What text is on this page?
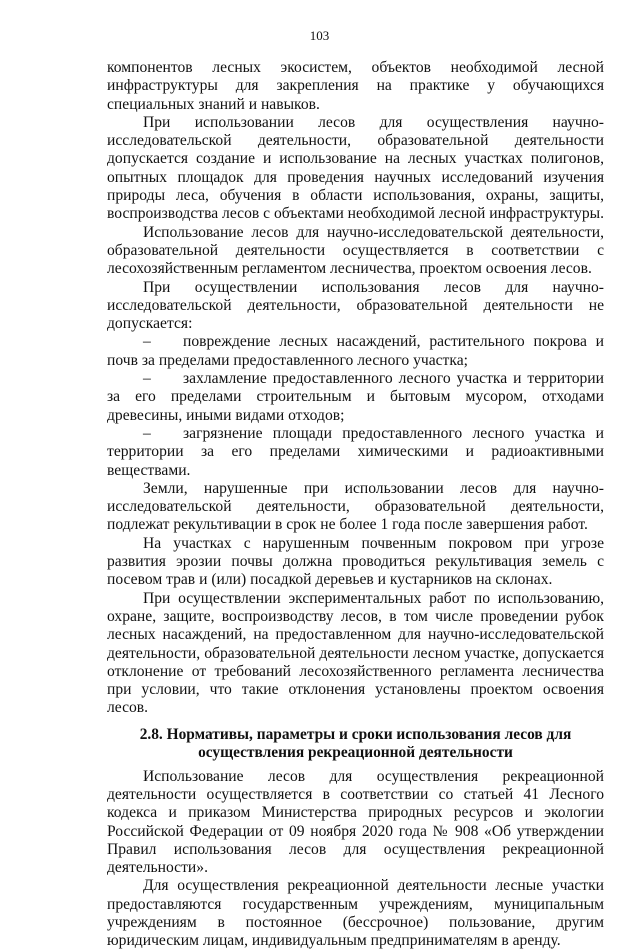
103

компонентов лесных экосистем, объектов необходимой лесной инфраструктуры для закрепления на практике у обучающихся специальных знаний и навыков.

При использовании лесов для осуществления научно-исследовательской деятельности, образовательной деятельности допускается создание и использование на лесных участках полигонов, опытных площадок для проведения научных исследований изучения природы леса, обучения в области использования, охраны, защиты, воспроизводства лесов с объектами необходимой лесной инфраструктуры.

Использование лесов для научно-исследовательской деятельности, образовательной деятельности осуществляется в соответствии с лесохозяйственным регламентом лесничества, проектом освоения лесов.

При осуществлении использования лесов для научно-исследовательской деятельности, образовательной деятельности не допускается:

– повреждение лесных насаждений, растительного покрова и почв за пределами предоставленного лесного участка;

– захламление предоставленного лесного участка и территории за его пределами строительным и бытовым мусором, отходами древесины, иными видами отходов;

– загрязнение площади предоставленного лесного участка и территории за его пределами химическими и радиоактивными веществами.

Земли, нарушенные при использовании лесов для научно-исследовательской деятельности, образовательной деятельности, подлежат рекультивации в срок не более 1 года после завершения работ.

На участках с нарушенным почвенным покровом при угрозе развития эрозии почвы должна проводиться рекультивация земель с посевом трав и (или) посадкой деревьев и кустарников на склонах.

При осуществлении экспериментальных работ по использованию, охране, защите, воспроизводству лесов, в том числе проведении рубок лесных насаждений, на предоставленном для научно-исследовательской деятельности, образовательной деятельности лесном участке, допускается отклонение от требований лесохозяйственного регламента лесничества при условии, что такие отклонения установлены проектом освоения лесов.

2.8. Нормативы, параметры и сроки использования лесов для
осуществления рекреационной деятельности

Использование лесов для осуществления рекреационной деятельности осуществляется в соответствии со статьей 41 Лесного кодекса и приказом Министерства природных ресурсов и экологии Российской Федерации от 09 ноября 2020 года № 908 «Об утверждении Правил использования лесов для осуществления рекреационной деятельности».

Для осуществления рекреационной деятельности лесные участки предоставляются государственным учреждениям, муниципальным учреждениям в постоянное (бессрочное) пользование, другим юридическим лицам, индивидуальным предпринимателям в аренду.
